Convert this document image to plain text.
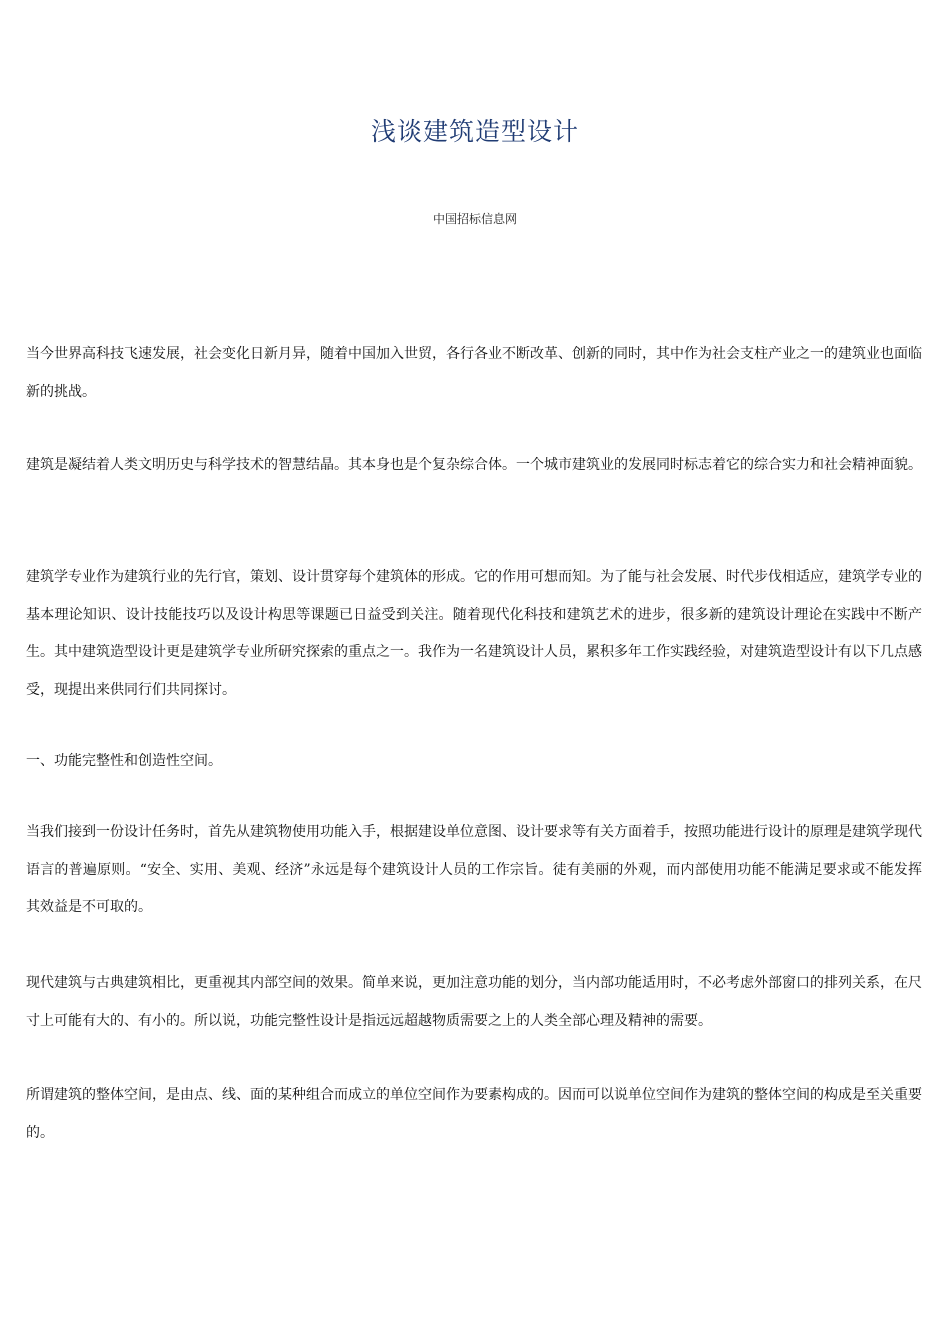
浅谈建筑造型设计
中国招标信息网

当今世界高科技飞速发展，社会变化日新月异，随着中国加入世贸，各行各业不断改革、创新的同时，其中作为社会支柱产业之一的建筑业也面临新的挑战。

建筑是凝结着人类文明历史与科学技术的智慧结晶。其本身也是个复杂综合体。一个城市建筑业的发展同时标志着它的综合实力和社会精神面貌。

建筑学专业作为建筑行业的先行官，策划、设计贯穿每个建筑体的形成。它的作用可想而知。为了能与社会发展、时代步伐相适应，建筑学专业的基本理论知识、设计技能技巧以及设计构思等课题已日益受到关注。随着现代化科技和建筑艺术的进步，很多新的建筑设计理论在实践中不断产生。其中建筑造型设计更是建筑学专业所研究探索的重点之一。我作为一名建筑设计人员，累积多年工作实践经验，对建筑造型设计有以下几点感受，现提出来供同行们共同探讨。

一、功能完整性和创造性空间。

当我们接到一份设计任务时，首先从建筑物使用功能入手，根据建设单位意图、设计要求等有关方面着手，按照功能进行设计的原理是建筑学现代语言的普遍原则。“安全、实用、美观、经济”永远是每个建筑设计人员的工作宗旨。徒有美丽的外观，而内部使用功能不能满足要求或不能发挥其效益是不可取的。

现代建筑与古典建筑相比，更重视其内部空间的效果。简单来说，更加注意功能的划分，当内部功能适用时，不必考虑外部窗口的排列关系，在尺寸上可能有大的、有小的。所以说，功能完整性设计是指远远超越物质需要之上的人类全部心理及精神的需要。

所谓建筑的整体空间，是由点、线、面的某种组合而成立的单位空间作为要素构成的。因而可以说单位空间作为建筑的整体空间的构成是至关重要的。
